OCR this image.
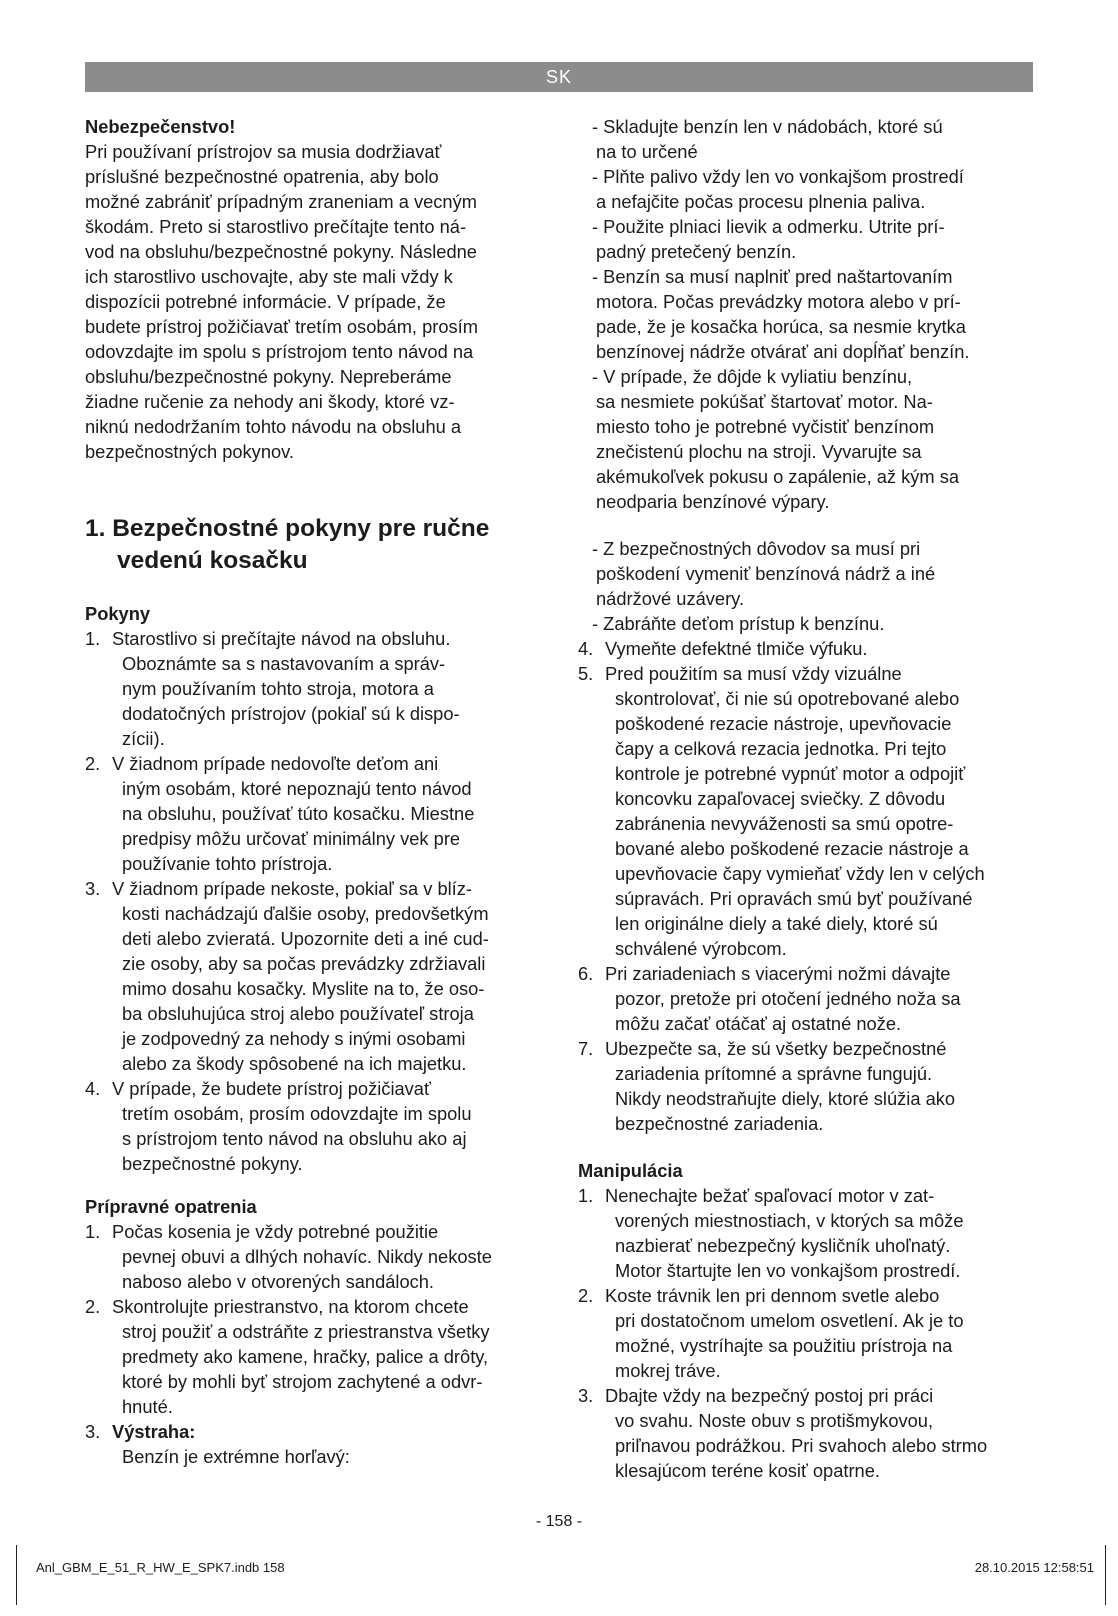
SK

Nebezpečenstvo!

Pri používaní prístrojov sa musia dodržiavať
príslušné bezpečnostné opatrenia, aby bolo
možné zabrániť prípadným zraneniam a vecným
škodám. Preto si starostlivo prečítajte tento ná-
vod na obsluhu/bezpečnostné pokyny. Následne
ich starostlivo uschovajte, aby ste mali vždy k
dispozícii potrebné informácie. V prípade, že
budete prístroj požičiavať tretím osobám, prosím
odovzdajte im spolu s prístrojom tento návod na
obsluhu/bezpečnostné pokyny. Nepreberáme
žiadne ručenie za nehody ani škody, ktoré vz-
niknú nedodržaním tohto návodu na obsluhu a
bezpečnostných pokynov.
1. Bezpečnostné pokyny pre ručne vedenú kosačku

Pokyny

1. Starostlivo si prečítajte návod na obsluhu.
Oboznámte sa s nastavovaním a správ-
nym používaním tohto stroja, motora a
dodatočných prístrojov (pokiaľ sú k dispo-
zícii).
2. V žiadnom prípade nedovoľte deťom ani
iným osobám, ktoré nepoznajú tento návod
na obsluhu, používať túto kosačku. Miestne
predpisy môžu určovať minimálny vek pre
používanie tohto prístroja.
3. V žiadnom prípade nekoste, pokiaľ sa v blíz-
kosti nachádzajú ďalšie osoby, predovšetkým
deti alebo zvieratá. Upozornite deti a iné cud-
zie osoby, aby sa počas prevádzky zdržiavali
mimo dosahu kosačky. Myslite na to, že oso-
ba obsluhujúca stroj alebo používateľ stroja
je zodpovedný za nehody s inými osobami
alebo za škody spôsobené na ich majetku.
4. V prípade, že budete prístroj požičiavať
tretím osobám, prosím odovzdajte im spolu
s prístrojom tento návod na obsluhu ako aj
bezpečnostné pokyny.

Prípravné opatrenia

1. Počas kosenia je vždy potrebné použitie
pevnej obuvi a dlhých nohavíc. Nikdy nekoste
naboso alebo v otvorených sandáloch.
2. Skontrolujte priestranstvo, na ktorom chcete
stroj použiť a odstráňte z priestranstva všetky
predmety ako kamene, hračky, palice a drôty,
ktoré by mohli byť strojom zachytené a odvr-
hnuté.
3. Výstraha:
Benzín je extrémne horľavý:
- Skladujte benzín len v nádobách, ktoré sú
na to určené
- Plňte palivo vždy len vo vonkajšom prostredí
a nefajčite počas procesu plnenia paliva.
- Použite plniaci lievik a odmerku. Utrite prí-
padný pretečený benzín.
- Benzín sa musí naplniť pred naštartovaním
motora. Počas prevádzky motora alebo v prí-
pade, že je kosačka horúca, sa nesmie krytka
benzínovej nádrže otvárať ani dopĺňať benzín.
- V prípade, že dôjde k vyliatiu benzínu,
sa nesmiete pokúšať štartovať motor. Na-
miesto toho je potrebné vyčistiť benzínom
znečistenú plochu na stroji. Vyvarujte sa
akémukoľvek pokusu o zapálenie, až kým sa
neodparia benzínové výpary.
- Z bezpečnostných dôvodov sa musí pri
poškodení vymeniť benzínová nádrž a iné
nádržové uzávery.
- Zabráňte deťom prístup k benzínu.
4. Vymeňte defektné tlmiče výfuku.
5. Pred použitím sa musí vždy vizuálne
skontrolovať, či nie sú opotrebované alebo
poškodené rezacie nástroje, upevňovacie
čapy a celková rezacia jednotka. Pri tejto
kontrole je potrebné vypnúť motor a odpojiť
koncovku zapaľovacej sviečky. Z dôvodu
zabránenia nevyváženosti sa smú opotre-
bované alebo poškodené rezacie nástroje a
upevňovacie čapy vymieňať vždy len v celých
súpravách. Pri opravách smú byť používané
len originálne diely a také diely, ktoré sú
schválené výrobcom.
6. Pri zariadeniach s viacerými nožmi dávajte
pozor, pretože pri otočení jedného noža sa
môžu začať otáčať aj ostatné nože.
7. Ubezpečte sa, že sú všetky bezpečnostné
zariadenia prítomné a správne fungujú.
Nikdy neodstraňujte diely, ktoré slúžia ako
bezpečnostné zariadenia.

Manipulácia

1. Nenechajte bežať spaľovací motor v zat-
vorených miestnostiach, v ktorých sa môže
nazbierať nebezpečný kysličník uhoľnatý.
Motor štartujte len vo vonkajšom prostredí.
2. Koste trávnik len pri dennom svetle alebo
pri dostatočnom umelom osvetlení. Ak je to
možné, vystríhajte sa použitiu prístroja na
mokrej tráve.
3. Dbajte vždy na bezpečný postoj pri práci
vo svahu. Noste obuv s protišmykovou,
priľnavou podrážkou. Pri svahoch alebo strmo
klesajúcom teréne kosiť opatrne.
- 158 -
Anl_GBM_E_51_R_HW_E_SPK7.indb 158	28.10.2015 12:58:51
